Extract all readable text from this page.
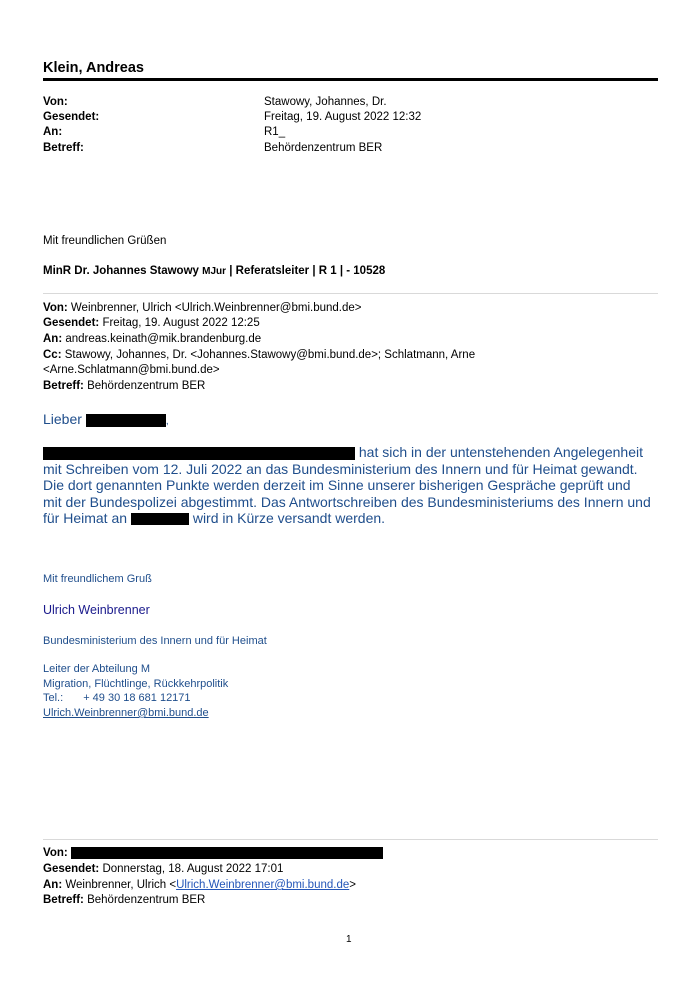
Klein, Andreas
Von:	Stawowy, Johannes, Dr.
Gesendet:	Freitag, 19. August 2022 12:32
An:	R1_
Betreff:	Behördenzentrum BER
Mit freundlichen Grüßen
MinR Dr. Johannes Stawowy MJur | Referatsleiter | R 1 | - 10528
Von: Weinbrenner, Ulrich <Ulrich.Weinbrenner@bmi.bund.de>
Gesendet: Freitag, 19. August 2022 12:25
An: andreas.keinath@mik.brandenburg.de
Cc: Stawowy, Johannes, Dr. <Johannes.Stawowy@bmi.bund.de>; Schlatmann, Arne
<Arne.Schlatmann@bmi.bund.de>
Betreff: Behördenzentrum BER
Lieber	,
hat sich in der untenstehenden Angelegenheit
mit Schreiben vom 12. Juli 2022 an das Bundesministerium des Innern und für Heimat gewandt.
Die dort genannten Punkte werden derzeit im Sinne unserer bisherigen Gespräche geprüft und
mit der Bundespolizei abgestimmt. Das Antwortschreiben des Bundesministeriums des Innern und
für Heimat an	wird in Kürze versandt werden.
Mit freundlichem Gruß
Ulrich Weinbrenner
Bundesministerium des Innern und für Heimat
Leiter der Abteilung M
Migration, Flüchtlinge, Rückkehrpolitik
Tel.: + 49 30 18 681 12171
Ulrich.Weinbrenner@bmi.bund.de
Von:
Gesendet: Donnerstag, 18. August 2022 17:01
An: Weinbrenner, Ulrich <Ulrich.Weinbrenner@bmi.bund.de>
Betreff: Behördenzentrum BER
1
